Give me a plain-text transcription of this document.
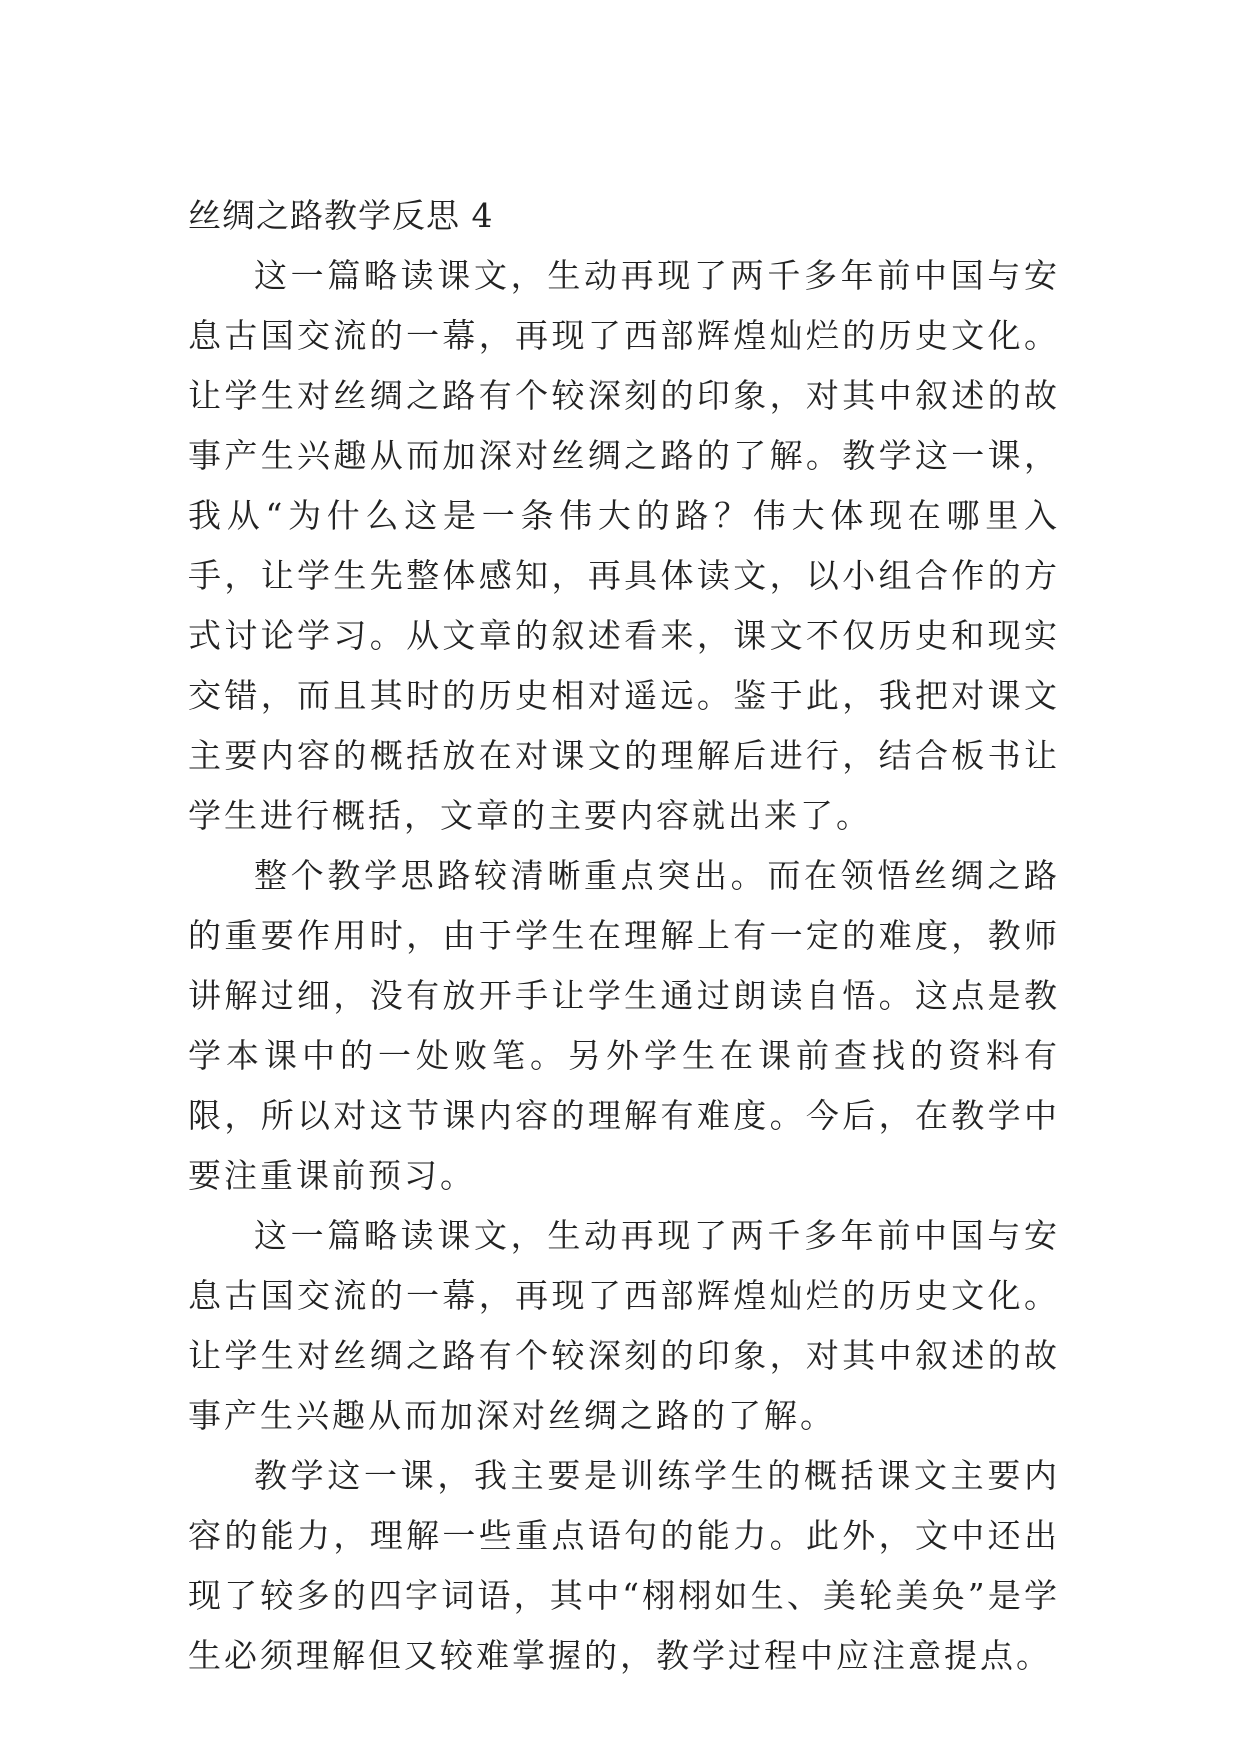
丝绸之路教学反思 4

这一篇略读课文，生动再现了两千多年前中国与安息古国交流的一幕，再现了西部辉煌灿烂的历史文化。让学生对丝绸之路有个较深刻的印象，对其中叙述的故事产生兴趣从而加深对丝绸之路的了解。教学这一课，我从“为什么这是一条伟大的路？伟大体现在哪里入手，让学生先整体感知，再具体读文，以小组合作的方式讨论学习。从文章的叙述看来，课文不仅历史和现实交错，而且其时的历史相对遥远。鉴于此，我把对课文主要内容的概括放在对课文的理解后进行，结合板书让学生进行概括，文章的主要内容就出来了。

整个教学思路较清晰重点突出。而在领悟丝绸之路的重要作用时，由于学生在理解上有一定的难度，教师讲解过细，没有放开手让学生通过朗读自悟。这点是教学本课中的一处败笔。另外学生在课前查找的资料有限，所以对这节课内容的理解有难度。今后，在教学中要注重课前预习。

这一篇略读课文，生动再现了两千多年前中国与安息古国交流的一幕，再现了西部辉煌灿烂的历史文化。让学生对丝绸之路有个较深刻的印象，对其中叙述的故事产生兴趣从而加深对丝绸之路的了解。

教学这一课，我主要是训练学生的概括课文主要内容的能力，理解一些重点语句的能力。此外，文中还出现了较多的四字词语，其中“栩栩如生、美轮美奂”是学生必须理解但又较难掌握的，教学过程中应注意提点。
